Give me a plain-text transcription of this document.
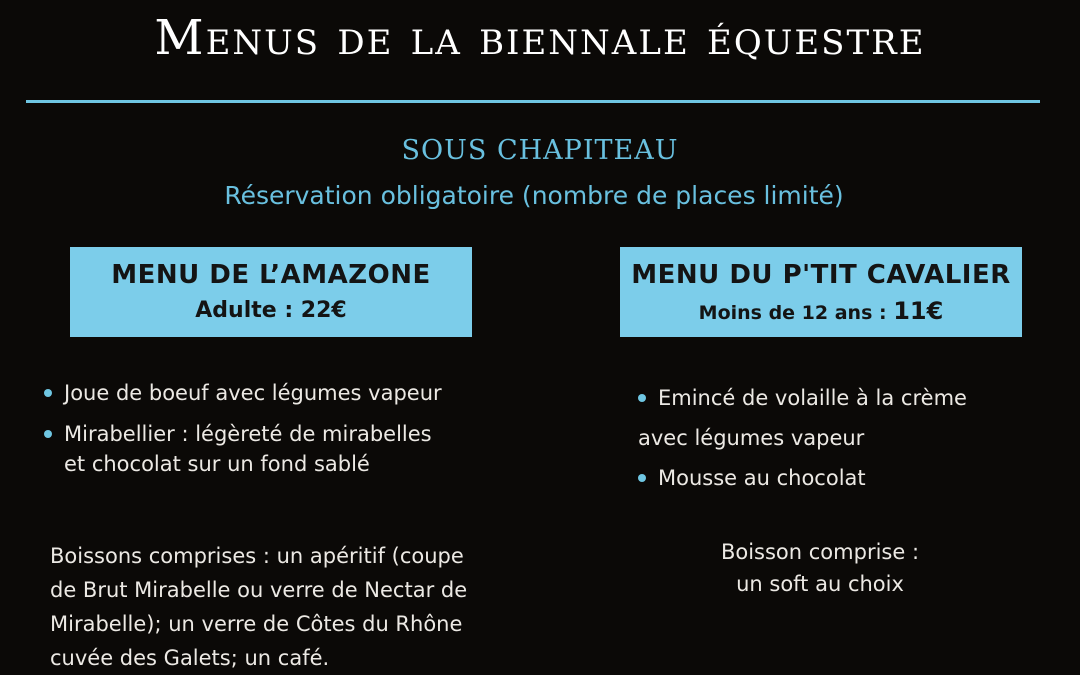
Menus de la biennale équestre
SOUS CHAPITEAU
Réservation obligatoire (nombre de places limité)
MENU DE L’AMAZONE
Adulte : 22€
Joue de boeuf avec légumes vapeur
Mirabellier : légèreté de mirabelles
et chocolat sur un fond sablé
Boissons comprises : un apéritif (coupe
de Brut Mirabelle ou verre de Nectar de
Mirabelle); un verre de Côtes du Rhône
cuvée des Galets; un café.
MENU DU P'TIT CAVALIER
Moins de 12 ans : 11€
Emincé de volaille à la crème
avec légumes vapeur
Mousse au chocolat
Boisson comprise :
un soft au choix
